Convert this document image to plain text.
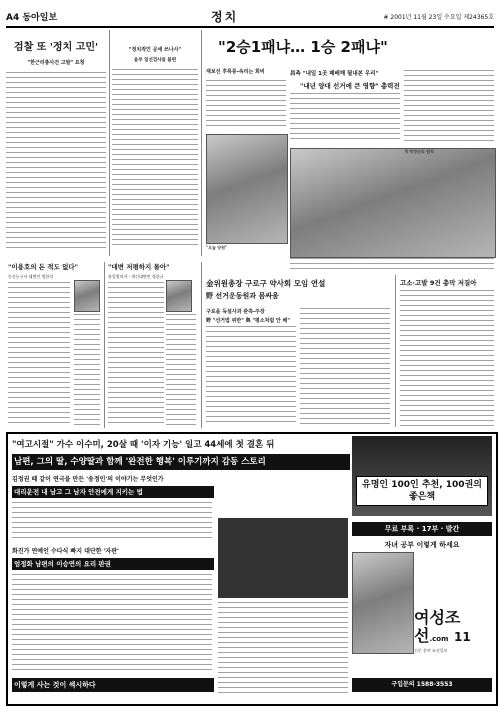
A4 동아일보	정치	# 2001년 11월 23일 수요일 제24365호
검찰 또 '정치 고민'
"한근리총사건 고발" 요청
"정치적인 공세 쓰나사"
음부 일선검사들 불편
"2승1패냐… 1승 2패냐"
재보선 후폭풍-속리는 희비	昌측 "내일 1곳 패배해 될내본 우리"
"내년 양대 선거에 큰 영향" 총력전
"오늘 당원"
개 박정신의 원칙
金위원총장 구로구 약사회 모임 연설
野 선거운동원과 몸싸움
구로을 독설사과 관측-주장
野 "선거법 위반" 與 "평소처럼 안 해"
고소·고발 9건 총막 저질아
"이용호의 돈 적도 없다"
동신농구서 대변인 정한석
"대변 저평하지 몰아"
통일원의자 - 개신대변인 정한규
"여고시절" 가수 이수미, 20살 때 '이자 기능' 일고 44세에 첫 결혼 뒤
남편, 그의 딸, 수양딸과 함께 '완전한 행복' 이루기까지 감동 스토리
유명인 100인 추천, 100권의 좋은책
김정권 때 같이 연극을 만든 '송정인'의 이야기는 무엇인가
대리운전 내 남고 그 남자 안전에게 지키는 법
화진가 연예인 수다식 빠지 대단한 '자판'
엄정화 남편의 이승연의 요리 판권
이렇게 사는 것이 섹시하다
무료 부록 · 17부 · 발간
자녀 공부 이렇게 하세요
여성조선.com 11
신문 분야 조선일보
구입문의 1588-3553
